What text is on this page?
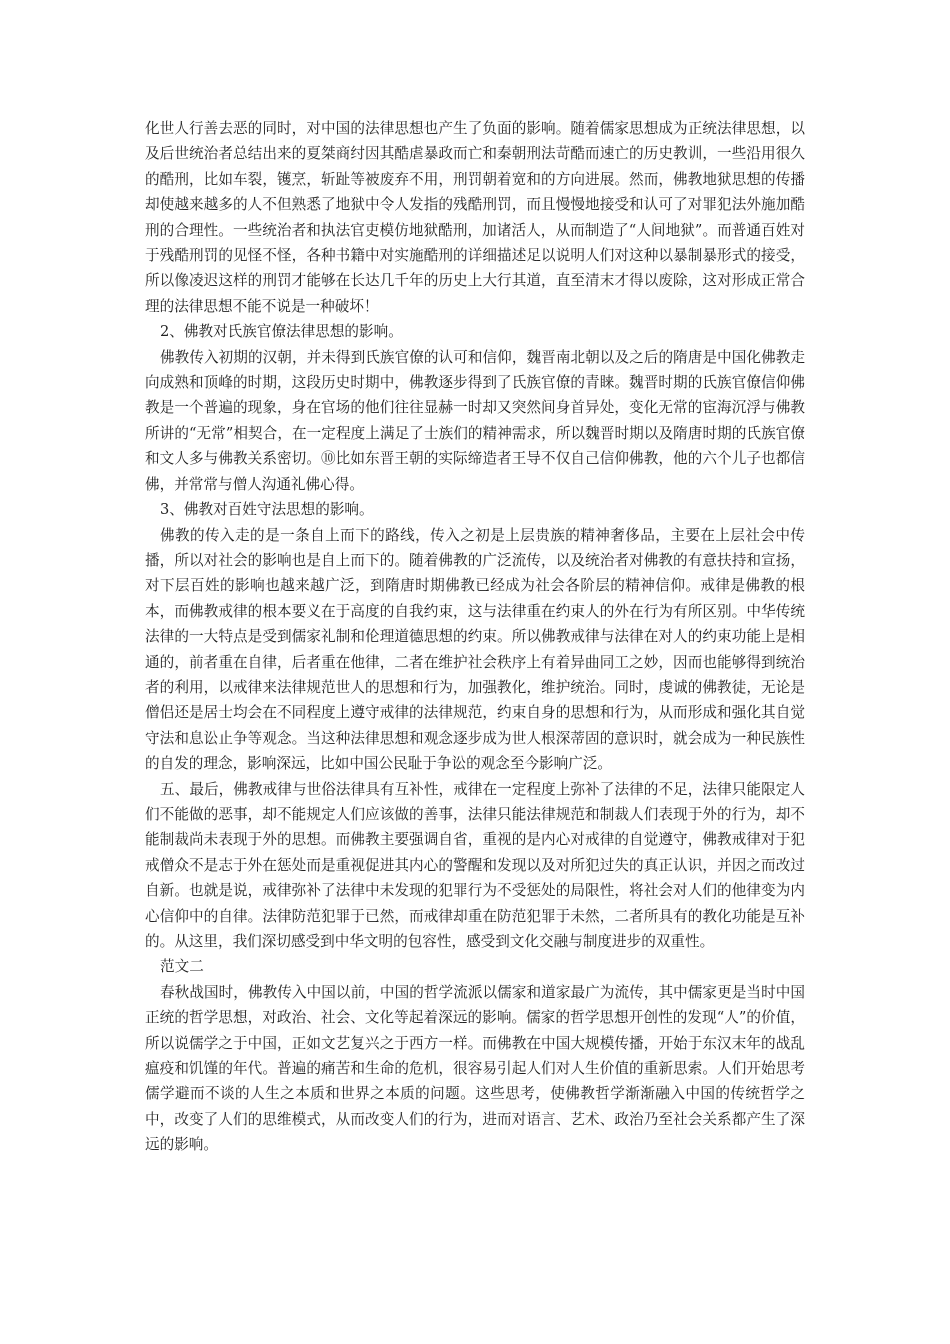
化世人行善去恶的同时，对中国的法律思想也产生了负面的影响。随着儒家思想成为正统法律思想，以及后世统治者总结出来的夏桀商纣因其酷虐暴政而亡和秦朝刑法苛酷而速亡的历史教训，一些沿用很久的酷刑，比如车裂，镬烹，斩趾等被废弃不用，刑罚朝着宽和的方向进展。然而，佛教地狱思想的传播却使越来越多的人不但熟悉了地狱中令人发指的残酷刑罚，而且慢慢地接受和认可了对罪犯法外施加酷刑的合理性。一些统治者和执法官吏模仿地狱酷刑，加诸活人，从而制造了“人间地狱”。而普通百姓对于残酷刑罚的见怪不怪，各种书籍中对实施酷刑的详细描述足以说明人们对这种以暴制暴形式的接受，所以像凌迟这样的刑罚才能够在长达几千年的历史上大行其道，直至清末才得以废除，这对形成正常合理的法律思想不能不说是一种破坏！

2、佛教对氏族官僚法律思想的影响。

佛教传入初期的汉朝，并未得到氏族官僚的认可和信仰，魏晋南北朝以及之后的隋唐是中国化佛教走向成熟和顶峰的时期，这段历史时期中，佛教逐步得到了氏族官僚的青睐。魏晋时期的氏族官僚信仰佛教是一个普遍的现象，身在官场的他们往往显赫一时却又突然间身首异处，变化无常的宦海沉浮与佛教所讲的“无常”相契合，在一定程度上满足了士族们的精神需求，所以魏晋时期以及隋唐时期的氏族官僚和文人多与佛教关系密切。⑩比如东晋王朝的实际缔造者王导不仅自己信仰佛教，他的六个儿子也都信佛，并常常与僧人沟通礼佛心得。

3、佛教对百姓守法思想的影响。

佛教的传入走的是一条自上而下的路线，传入之初是上层贵族的精神奢侈品，主要在上层社会中传播，所以对社会的影响也是自上而下的。随着佛教的广泛流传，以及统治者对佛教的有意扶持和宣扬，对下层百姓的影响也越来越广泛，到隋唐时期佛教已经成为社会各阶层的精神信仰。戒律是佛教的根本，而佛教戒律的根本要义在于高度的自我约束，这与法律重在约束人的外在行为有所区别。中华传统法律的一大特点是受到儒家礼制和伦理道德思想的约束。所以佛教戒律与法律在对人的约束功能上是相通的，前者重在自律，后者重在他律，二者在维护社会秩序上有着异曲同工之妙，因而也能够得到统治者的利用，以戒律来法律规范世人的思想和行为，加强教化，维护统治。同时，虔诚的佛教徒，无论是僧侣还是居士均会在不同程度上遵守戒律的法律规范，约束自身的思想和行为，从而形成和强化其自觉守法和息讼止争等观念。当这种法律思想和观念逐步成为世人根深蒂固的意识时，就会成为一种民族性的自发的理念，影响深远，比如中国公民耻于争讼的观念至今影响广泛。

五、最后，佛教戒律与世俗法律具有互补性，戒律在一定程度上弥补了法律的不足，法律只能限定人们不能做的恶事，却不能规定人们应该做的善事，法律只能法律规范和制裁人们表现于外的行为，却不能制裁尚未表现于外的思想。而佛教主要强调自省，重视的是内心对戒律的自觉遵守，佛教戒律对于犯戒僧众不是志于外在惩处而是重视促进其内心的警醒和发现以及对所犯过失的真正认识，并因之而改过自新。也就是说，戒律弥补了法律中未发现的犯罪行为不受惩处的局限性，将社会对人们的他律变为内心信仰中的自律。法律防范犯罪于已然，而戒律却重在防范犯罪于未然，二者所具有的教化功能是互补的。从这里，我们深切感受到中华文明的包容性，感受到文化交融与制度进步的双重性。

范文二

春秋战国时，佛教传入中国以前，中国的哲学流派以儒家和道家最广为流传，其中儒家更是当时中国正统的哲学思想，对政治、社会、文化等起着深远的影响。儒家的哲学思想开创性的发现“人”的价值，所以说儒学之于中国，正如文艺复兴之于西方一样。而佛教在中国大规模传播，开始于东汉末年的战乱瘟疫和饥馑的年代。普遍的痛苦和生命的危机，很容易引起人们对人生价值的重新思索。人们开始思考儒学避而不谈的人生之本质和世界之本质的问题。这些思考，使佛教哲学渐渐融入中国的传统哲学之中，改变了人们的思维模式，从而改变人们的行为，进而对语言、艺术、政治乃至社会关系都产生了深远的影响。
